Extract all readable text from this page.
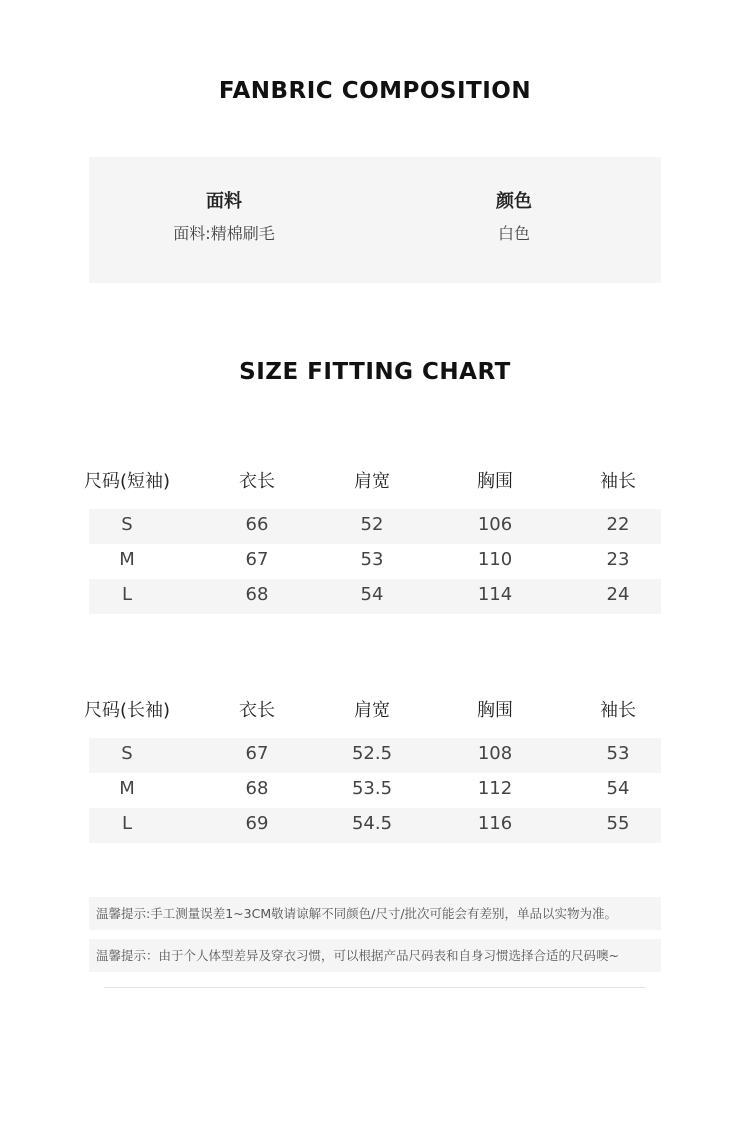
FANBRIC COMPOSITION
面料
面料:精棉刷毛
颜色
白色
SIZE FITTING CHART
尺码(短袖)	衣长	肩宽	胸围	袖长
S	66	52	106	22
M	67	53	110	23
L	68	54	114	24
尺码(长袖)	衣长	肩宽	胸围	袖长
S	67	52.5	108	53
M	68	53.5	112	54
L	69	54.5	116	55
温馨提示:手工测量误差1~3CM敬请谅解不同颜色/尺寸/批次可能会有差别，单品以实物为准。
温馨提示：由于个人体型差异及穿衣习惯，可以根据产品尺码表和自身习惯选择合适的尺码噢~
